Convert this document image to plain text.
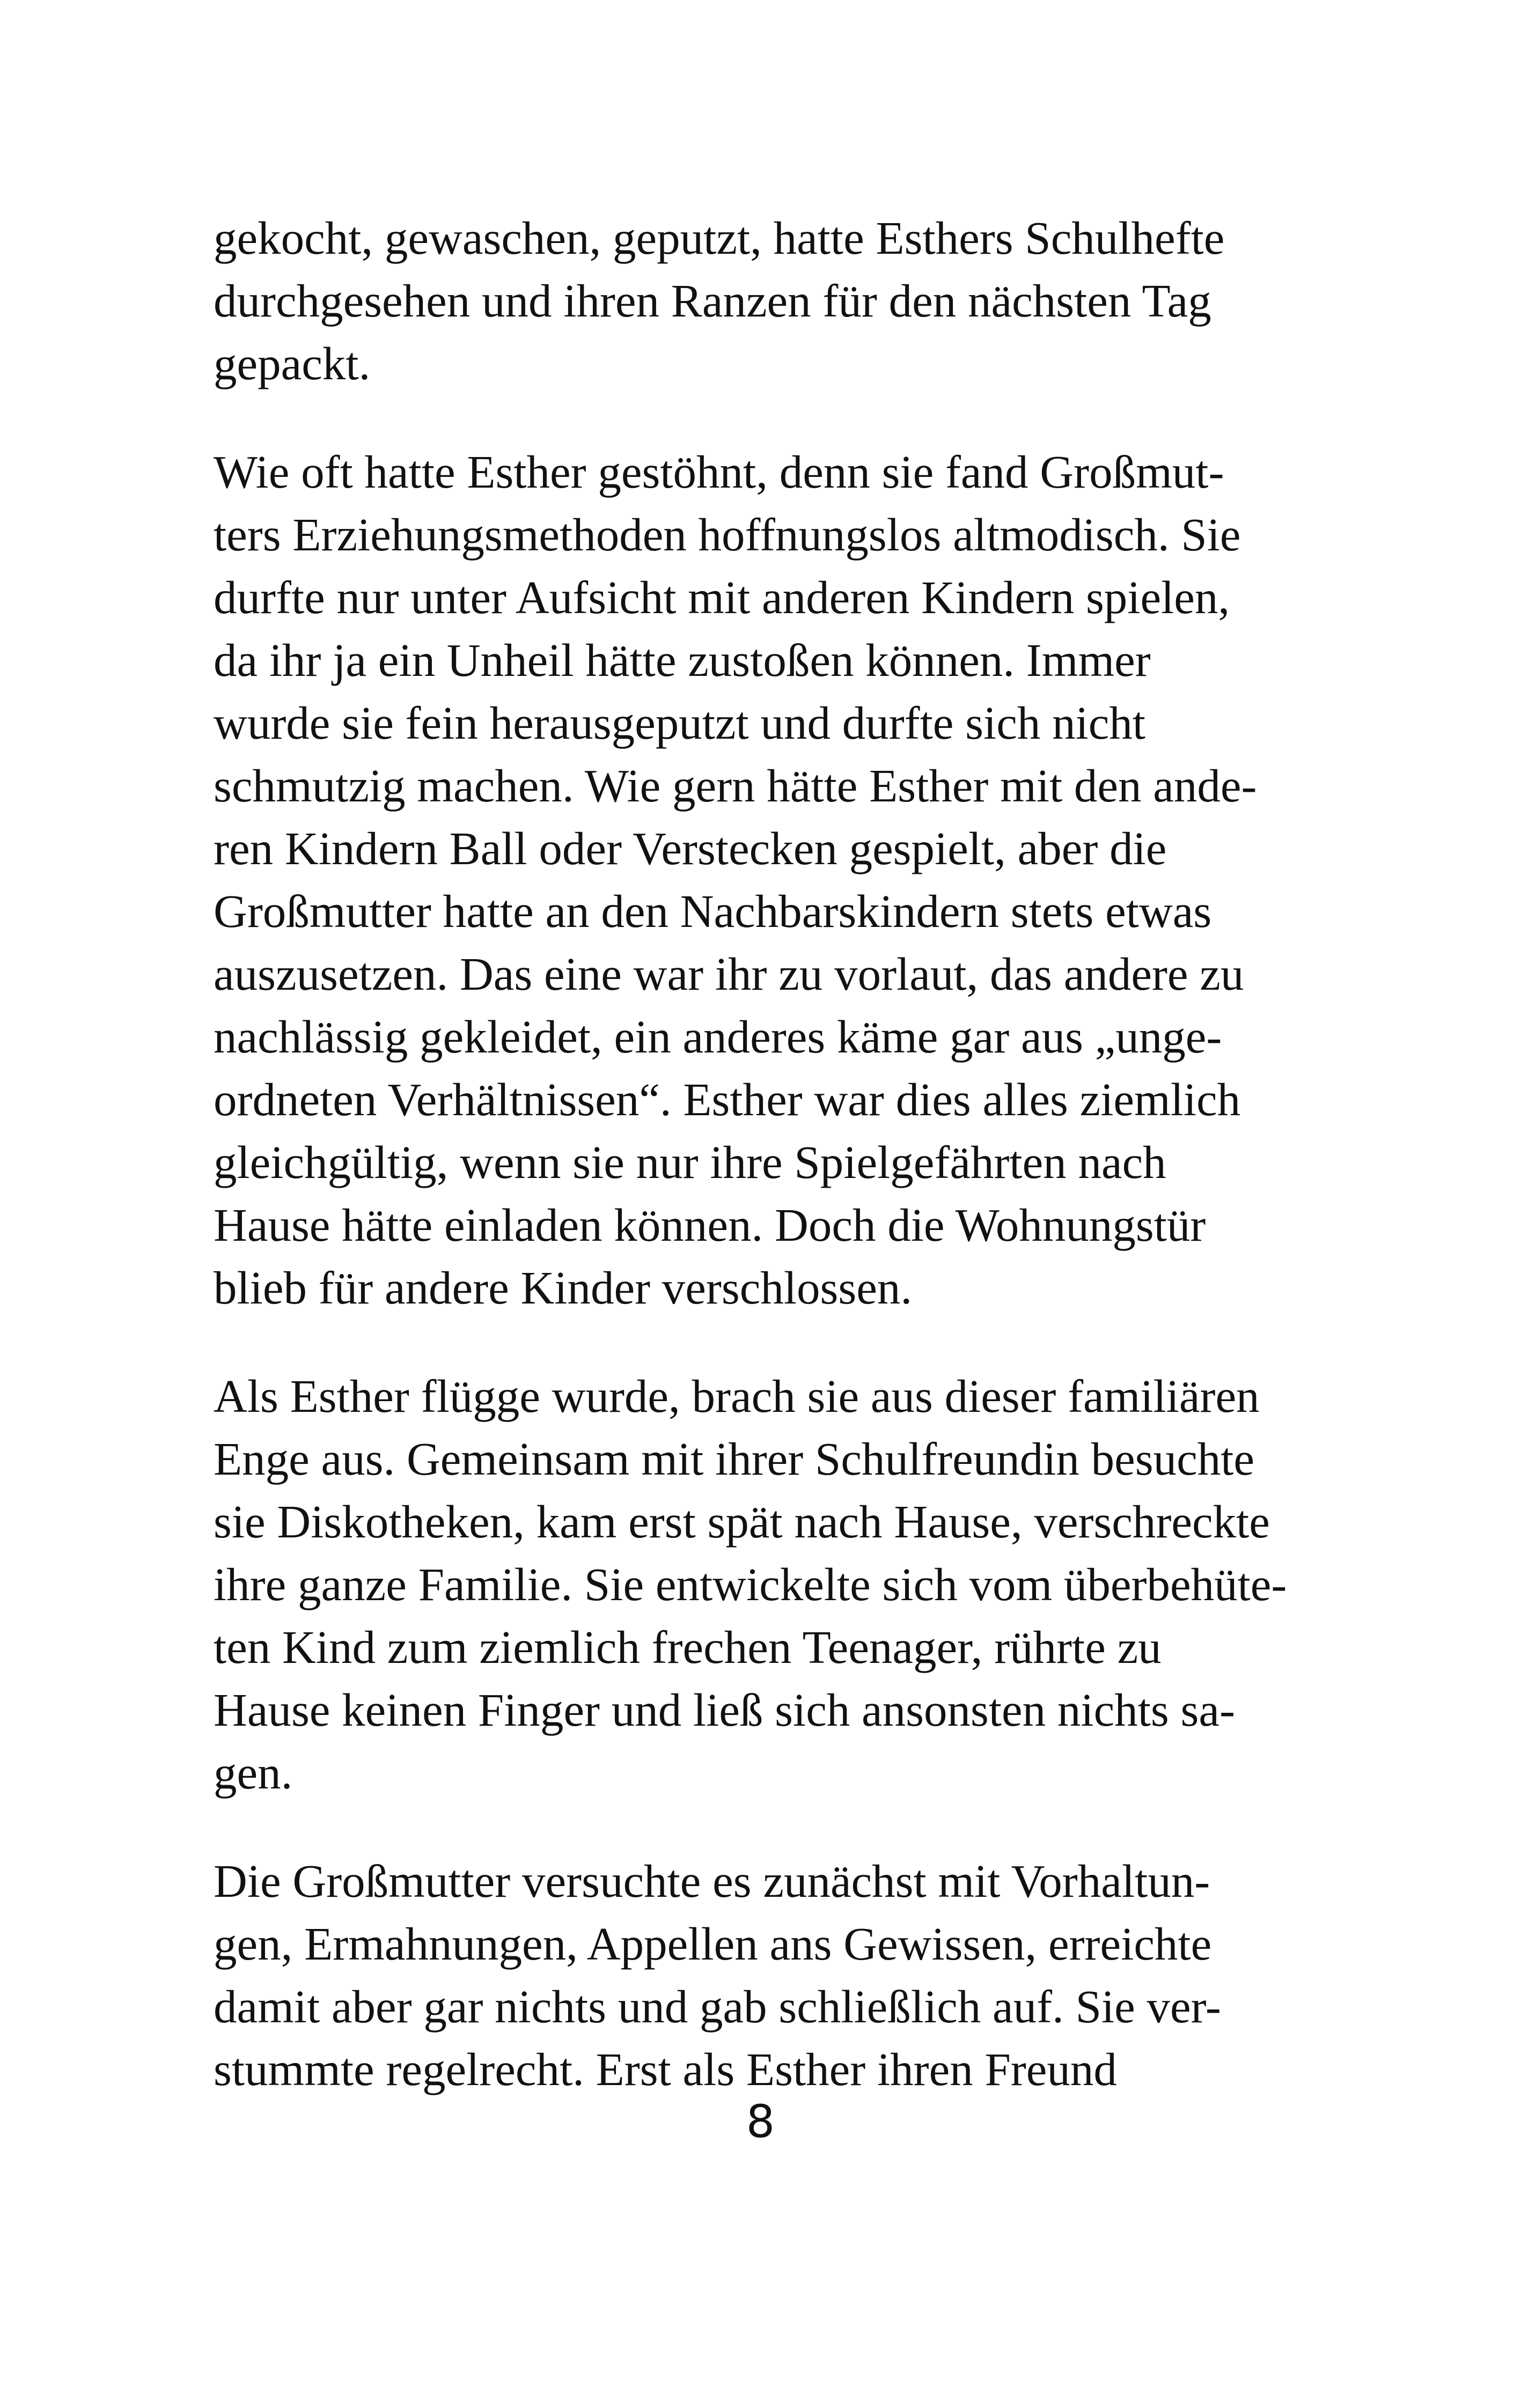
gekocht, gewaschen, geputzt, hatte Esthers Schulhefte
durchgesehen und ihren Ranzen für den nächsten Tag
gepackt.

Wie oft hatte Esther gestöhnt, denn sie fand Großmut-
ters Erziehungsmethoden hoffnungslos altmodisch. Sie
durfte nur unter Aufsicht mit anderen Kindern spielen,
da ihr ja ein Unheil hätte zustoßen können. Immer
wurde sie fein herausgeputzt und durfte sich nicht
schmutzig machen. Wie gern hätte Esther mit den ande-
ren Kindern Ball oder Verstecken gespielt, aber die
Großmutter hatte an den Nachbarskindern stets etwas
auszusetzen. Das eine war ihr zu vorlaut, das andere zu
nachlässig gekleidet, ein anderes käme gar aus „unge-
ordneten Verhältnissen“. Esther war dies alles ziemlich
gleichgültig, wenn sie nur ihre Spielgefährten nach
Hause hätte einladen können. Doch die Wohnungstür
blieb für andere Kinder verschlossen.

Als Esther flügge wurde, brach sie aus dieser familiären
Enge aus. Gemeinsam mit ihrer Schulfreundin besuchte
sie Diskotheken, kam erst spät nach Hause, verschreckte
ihre ganze Familie. Sie entwickelte sich vom überbehüte-
ten Kind zum ziemlich frechen Teenager, rührte zu
Hause keinen Finger und ließ sich ansonsten nichts sa-
gen.

Die Großmutter versuchte es zunächst mit Vorhaltun-
gen, Ermahnungen, Appellen ans Gewissen, erreichte
damit aber gar nichts und gab schließlich auf. Sie ver-
stummte regelrecht. Erst als Esther ihren Freund

8
